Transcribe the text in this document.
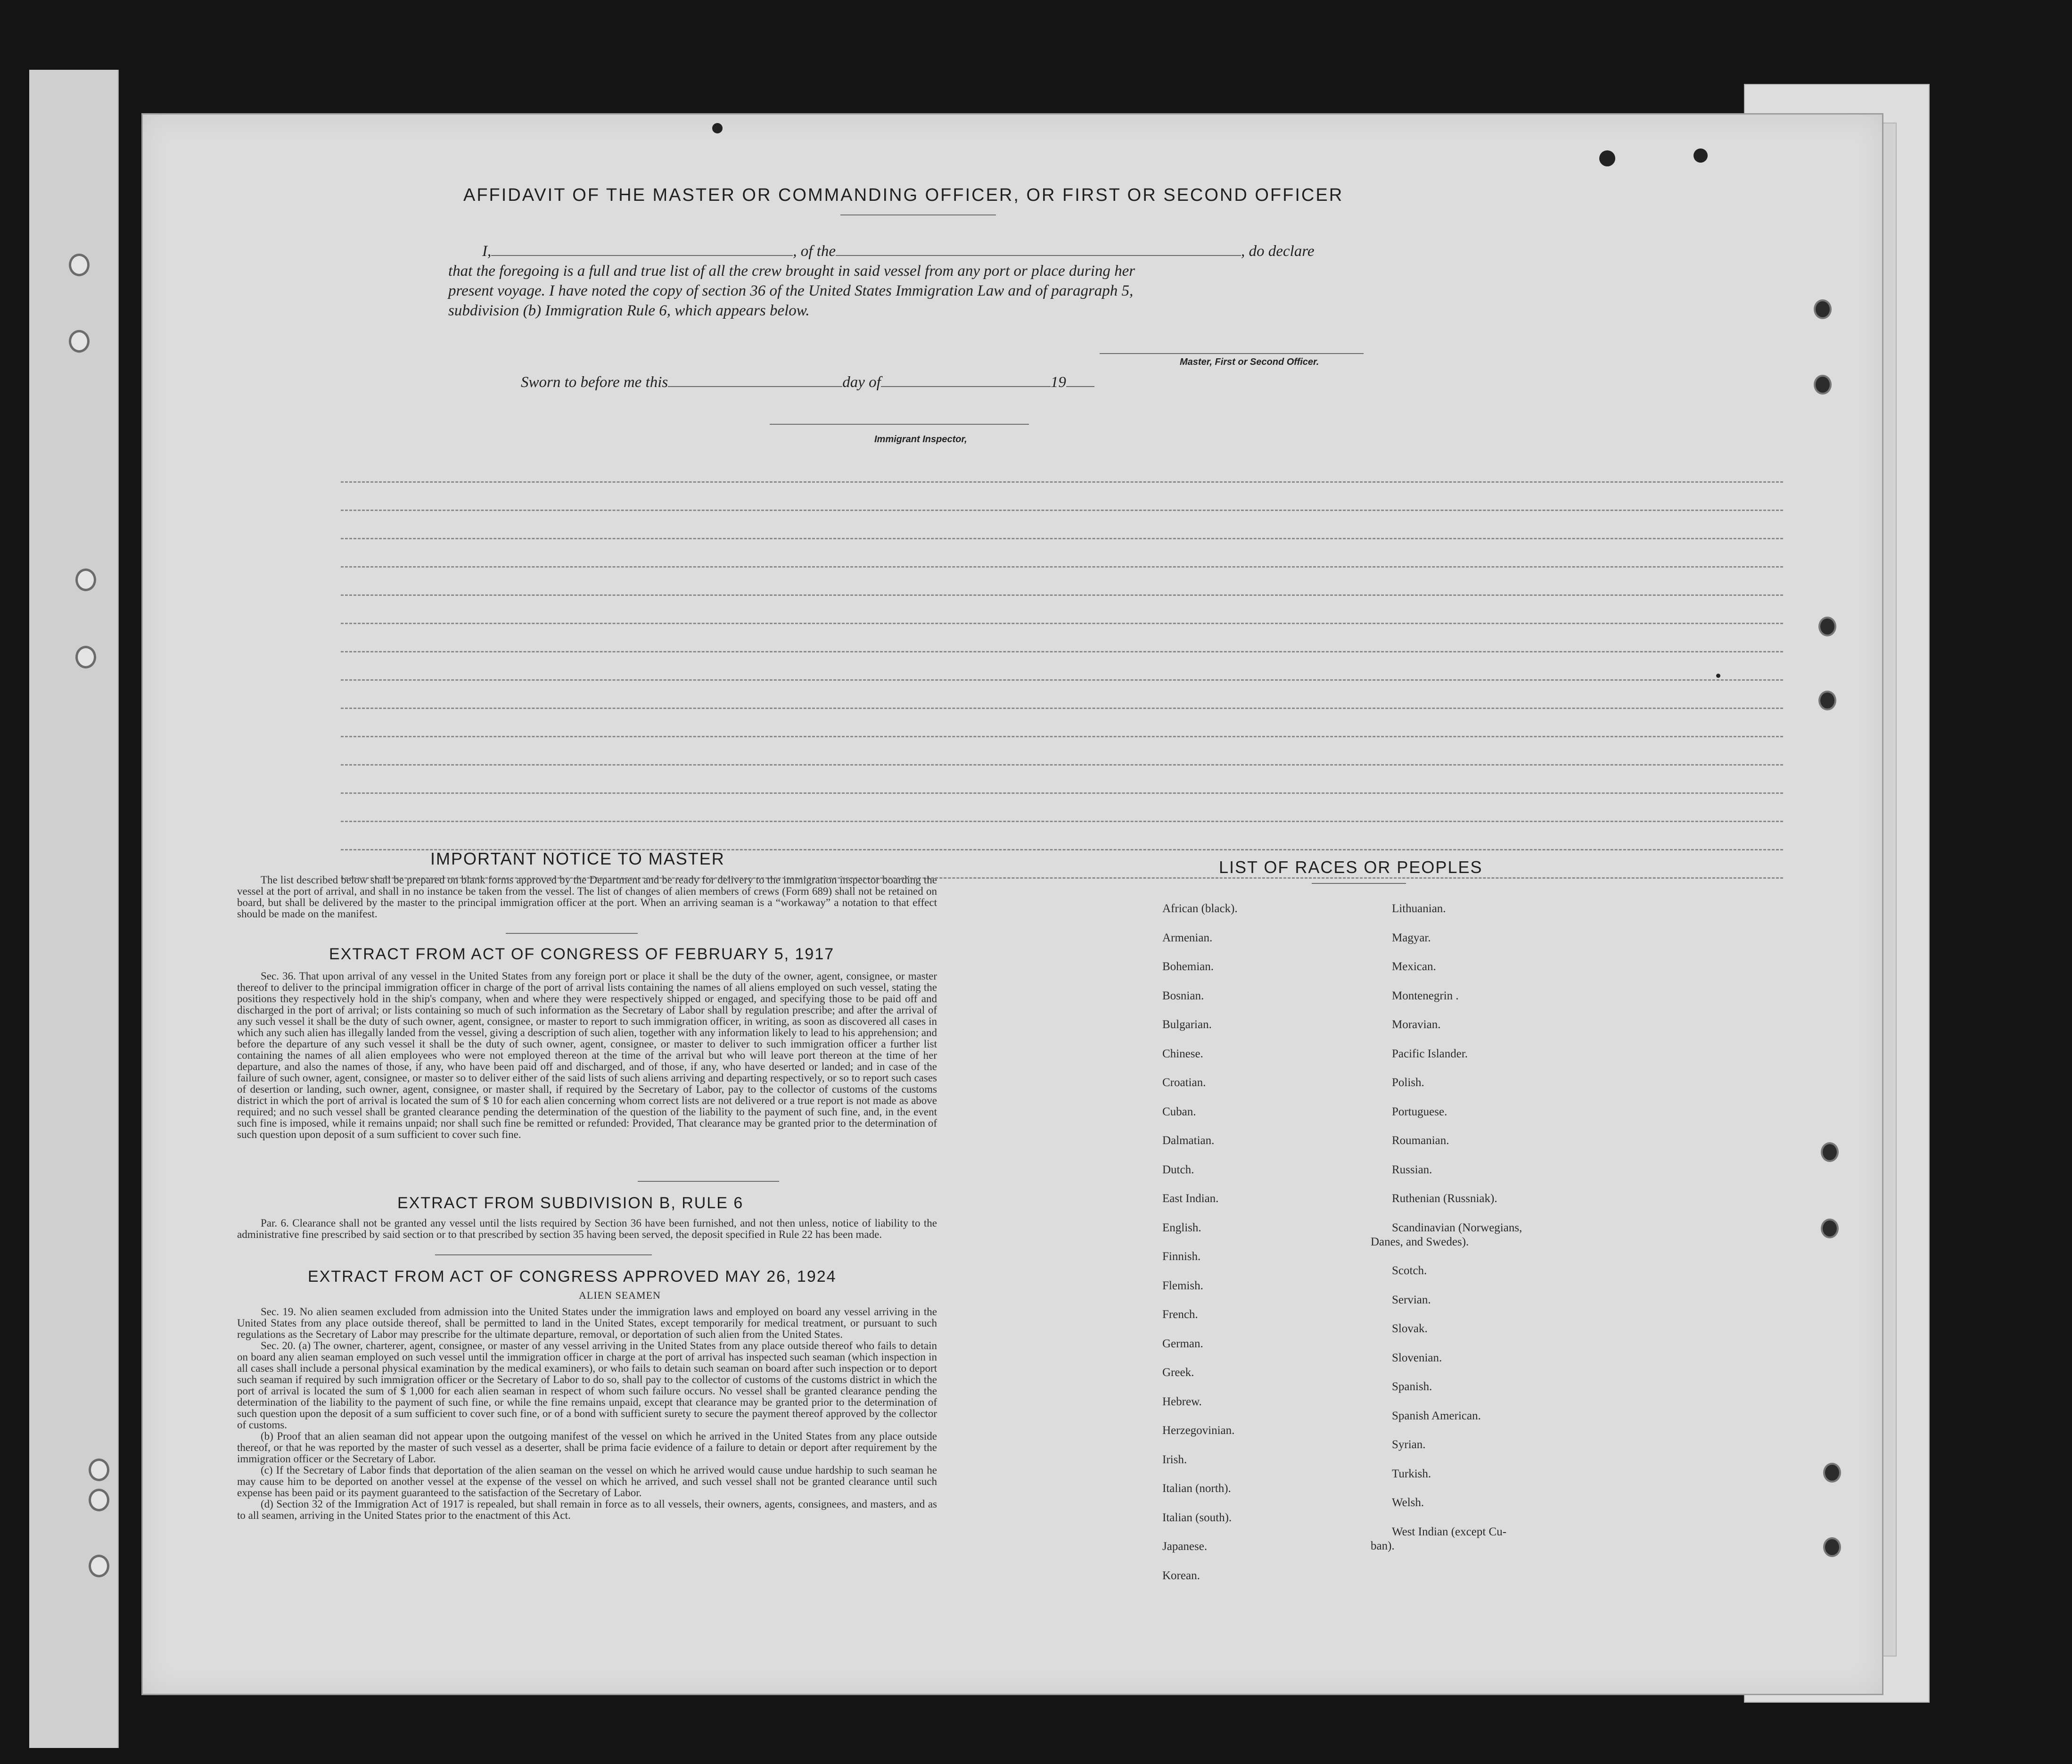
AFFIDAVIT OF THE MASTER OR COMMANDING OFFICER, OR FIRST OR SECOND OFFICER
I,	, of the	, do declare
that the foregoing is a full and true list of all the crew brought in said vessel from any port or place during her
present voyage. I have noted the copy of section 36 of the United States Immigration Law and of paragraph 5,
subdivision (b) Immigration Rule 6, which appears below.
Master, First or Second Officer.
Sworn to before me this	day of	19
Immigrant Inspector,
IMPORTANT NOTICE TO MASTER

The list described below shall be prepared on blank forms approved by the Department and be ready for delivery to the immigration inspector boarding the vessel at the port of arrival, and shall in no instance be taken from the vessel. The list of changes of alien members of crews (Form 689) shall not be retained on board, but shall be delivered by the master to the principal immigration officer at the port. When an arriving seaman is a “workaway” a notation to that effect should be made on the manifest.

EXTRACT FROM ACT OF CONGRESS OF FEBRUARY 5, 1917

Sec. 36. That upon arrival of any vessel in the United States from any foreign port or place it shall be the duty of the owner, agent, consignee, or master thereof to deliver to the principal immigration officer in charge of the port of arrival lists containing the names of all aliens employed on such vessel, stating the positions they respectively hold in the ship's company, when and where they were respectively shipped or engaged, and specifying those to be paid off and discharged in the port of arrival; or lists containing so much of such information as the Secretary of Labor shall by regulation prescribe; and after the arrival of any such vessel it shall be the duty of such owner, agent, consignee, or master to report to such immigration officer, in writing, as soon as discovered all cases in which any such alien has illegally landed from the vessel, giving a description of such alien, together with any information likely to lead to his apprehension; and before the departure of any such vessel it shall be the duty of such owner, agent, consignee, or master to deliver to such immigration officer a further list containing the names of all alien employees who were not employed thereon at the time of the arrival but who will leave port thereon at the time of her departure, and also the names of those, if any, who have been paid off and discharged, and of those, if any, who have deserted or landed; and in case of the failure of such owner, agent, consignee, or master so to deliver either of the said lists of such aliens arriving and departing respectively, or so to report such cases of desertion or landing, such owner, agent, consignee, or master shall, if required by the Secretary of Labor, pay to the collector of customs of the customs district in which the port of arrival is located the sum of $ 10 for each alien concerning whom correct lists are not delivered or a true report is not made as above required; and no such vessel shall be granted clearance pending the determination of the question of the liability to the payment of such fine, and, in the event such fine is imposed, while it remains unpaid; nor shall such fine be remitted or refunded: Provided, That clearance may be granted prior to the determination of such question upon deposit of a sum sufficient to cover such fine.

EXTRACT FROM SUBDIVISION B, RULE 6

Par. 6. Clearance shall not be granted any vessel until the lists required by Section 36 have been furnished, and not then unless, notice of liability to the administrative fine prescribed by said section or to that prescribed by section 35 having been served, the deposit specified in Rule 22 has been made.

EXTRACT FROM ACT OF CONGRESS APPROVED MAY 26, 1924
ALIEN SEAMEN

Sec. 19. No alien seamen excluded from admission into the United States under the immigration laws and employed on board any vessel arriving in the United States from any place outside thereof, shall be permitted to land in the United States, except temporarily for medical treatment, or pursuant to such regulations as the Secretary of Labor may prescribe for the ultimate departure, removal, or deportation of such alien from the United States.

Sec. 20. (a) The owner, charterer, agent, consignee, or master of any vessel arriving in the United States from any place outside thereof who fails to detain on board any alien seaman employed on such vessel until the immigration officer in charge at the port of arrival has inspected such seaman (which inspection in all cases shall include a personal physical examination by the medical examiners), or who fails to detain such seaman on board after such inspection or to deport such seaman if required by such immigration officer or the Secretary of Labor to do so, shall pay to the collector of customs of the customs district in which the port of arrival is located the sum of $ 1,000 for each alien seaman in respect of whom such failure occurs. No vessel shall be granted clearance pending the determination of the liability to the payment of such fine, or while the fine remains unpaid, except that clearance may be granted prior to the determination of such question upon the deposit of a sum sufficient to cover such fine, or of a bond with sufficient surety to secure the payment thereof approved by the collector of customs.

(b) Proof that an alien seaman did not appear upon the outgoing manifest of the vessel on which he arrived in the United States from any place outside thereof, or that he was reported by the master of such vessel as a deserter, shall be prima facie evidence of a failure to detain or deport after requirement by the immigration officer or the Secretary of Labor.

(c) If the Secretary of Labor finds that deportation of the alien seaman on the vessel on which he arrived would cause undue hardship to such seaman he may cause him to be deported on another vessel at the expense of the vessel on which he arrived, and such vessel shall not be granted clearance until such expense has been paid or its payment guaranteed to the satisfaction of the Secretary of Labor.

(d) Section 32 of the Immigration Act of 1917 is repealed, but shall remain in force as to all vessels, their owners, agents, consignees, and masters, and as to all seamen, arriving in the United States prior to the enactment of this Act.

LIST OF RACES OR PEOPLES
African (black).
Armenian.
Bohemian.
Bosnian.
Bulgarian.
Chinese.
Croatian.
Cuban.
Dalmatian.
Dutch.
East Indian.
English.
Finnish.
Flemish.
French.
German.
Greek.
Hebrew.
Herzegovinian.
Irish.
Italian (north).
Italian (south).
Japanese.
Korean.
Lithuanian.
Magyar.
Mexican.
Montenegrin .
Moravian.
Pacific Islander.
Polish.
Portuguese.
Roumanian.
Russian.
Ruthenian (Russniak).
Scandinavian (Norwegians,
Danes, and Swedes).
Scotch.
Servian.
Slovak.
Slovenian.
Spanish.
Spanish American.
Syrian.
Turkish.
Welsh.
West Indian (except Cu-
ban).
